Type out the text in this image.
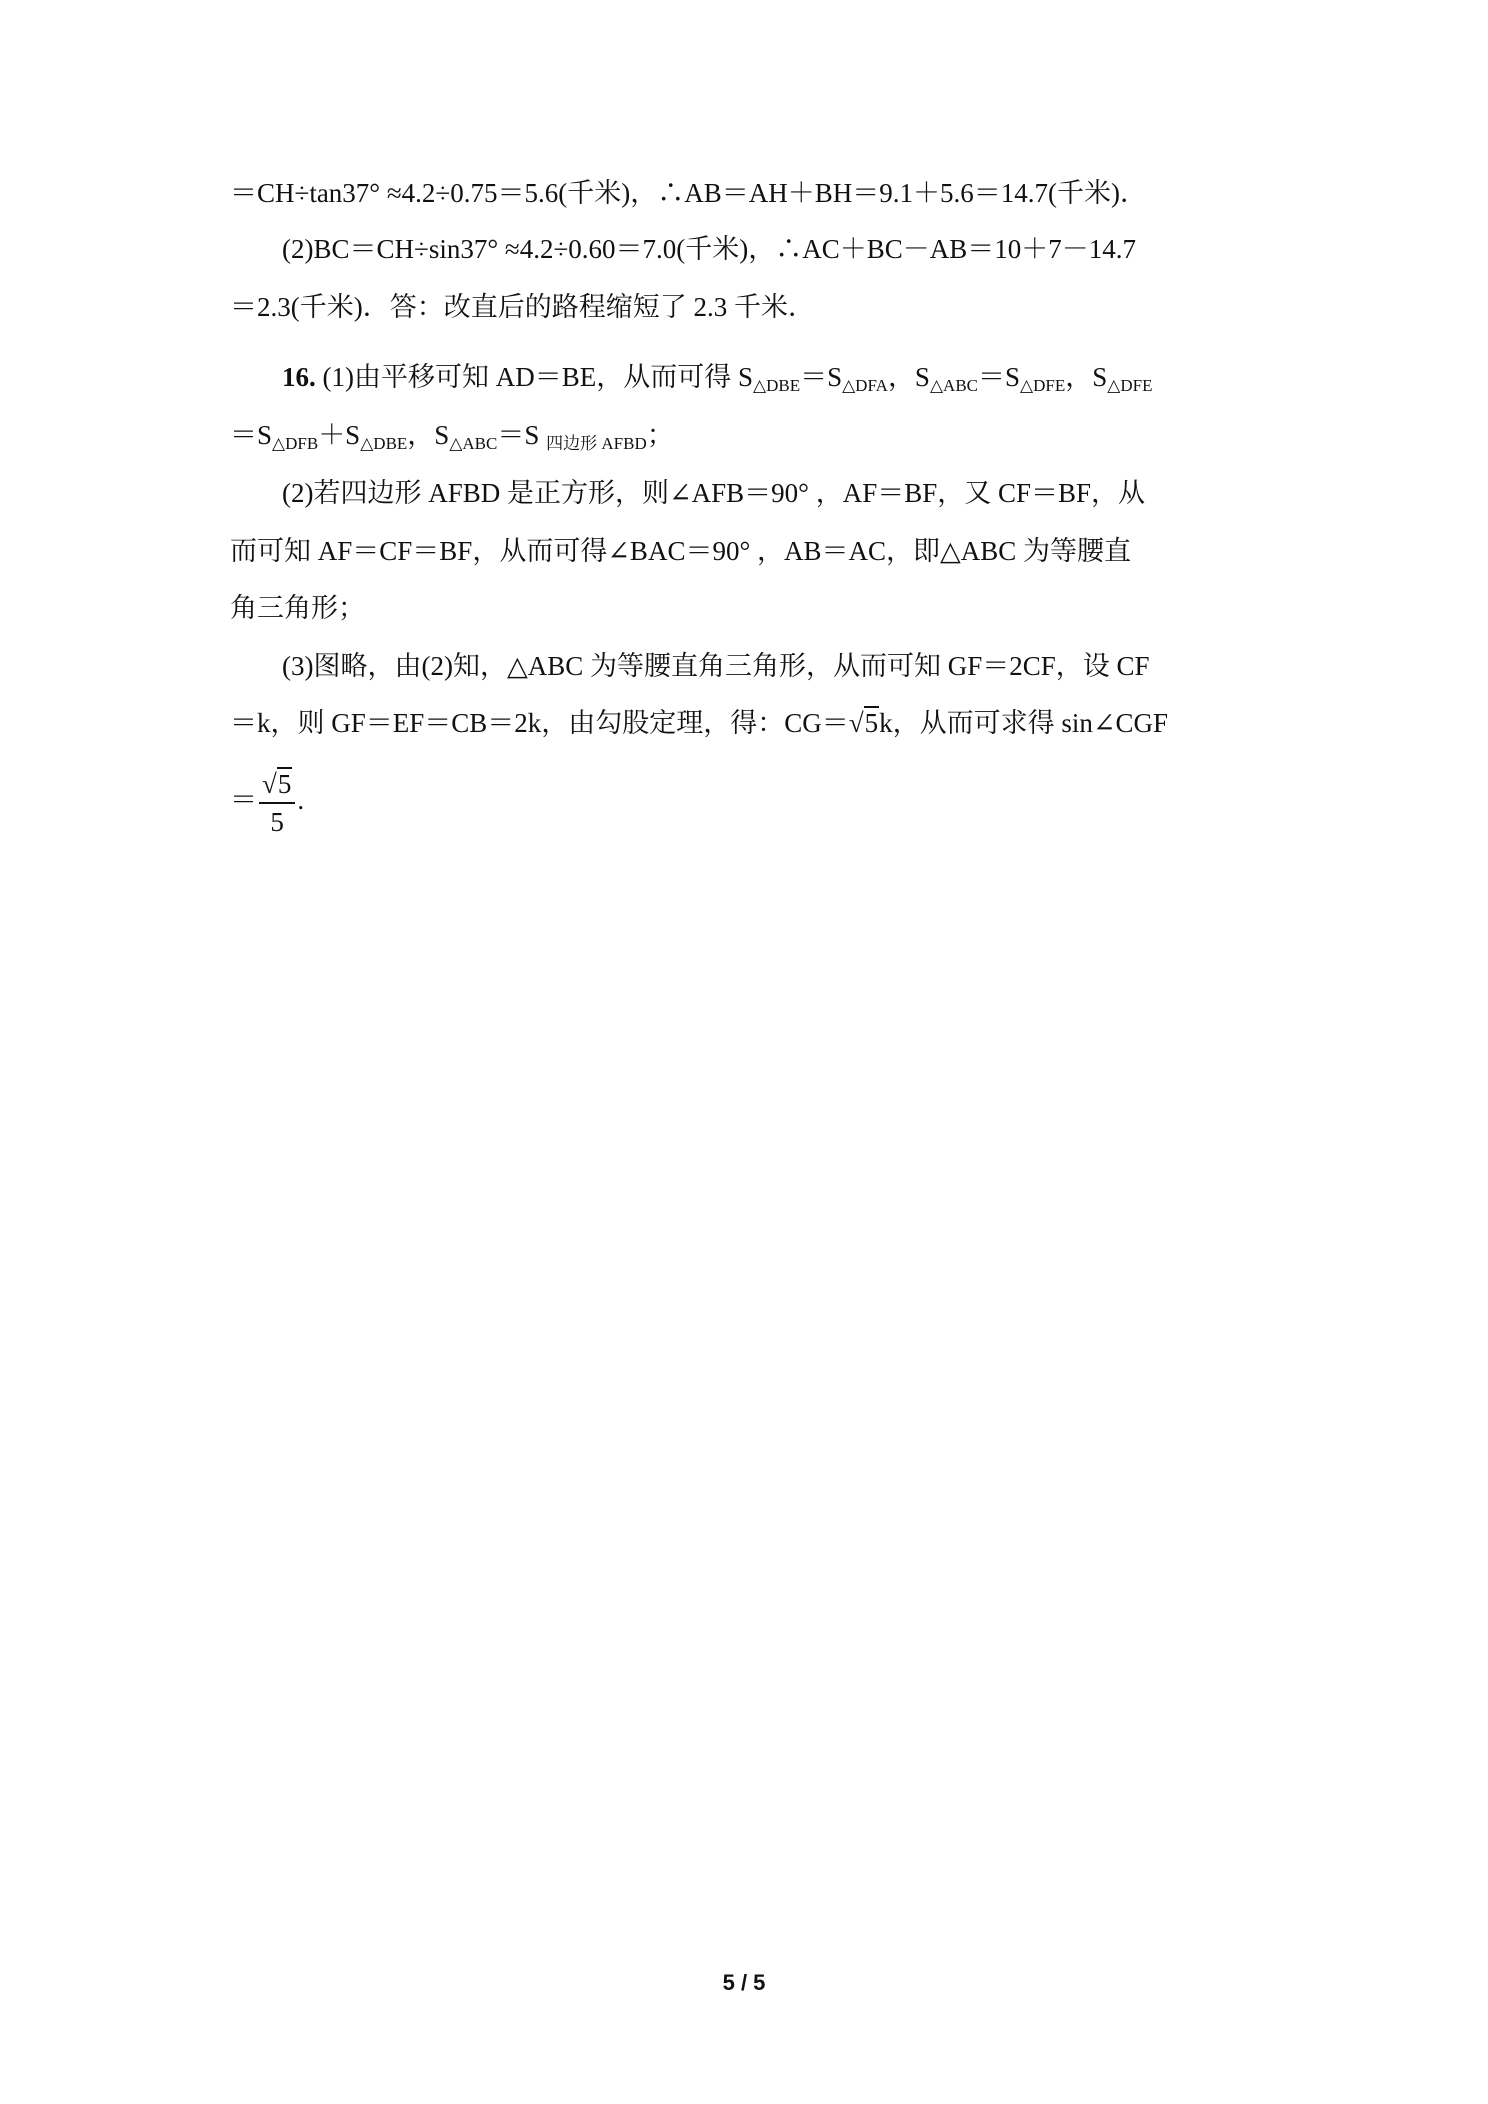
＝CH÷tan37° ≈4.2÷0.75＝5.6(千米)，∴AB＝AH＋BH＝9.1＋5.6＝14.7(千米)．
(2)BC＝CH÷sin37° ≈4.2÷0.60＝7.0(千米)，∴AC＋BC－AB＝10＋7－14.7
＝2.3(千米)．答：改直后的路程缩短了 2.3 千米．
16. (1)由平移可知 AD＝BE，从而可得 $S_{\triangle DBE}=S_{\triangle DFA}$，$S_{\triangle ABC}=S_{\triangle DFE}$，$S_{\triangle DFE}$
$=S_{\triangle DFB}+S_{\triangle DBE}$，$S_{\triangle ABC}=S$ $_{四边形 AFBD}$；
(2)若四边形 AFBD 是正方形，则∠AFB＝90° ，AF＝BF，又 CF＝BF，从
而可知 AF＝CF＝BF，从而可得∠BAC＝90° ，AB＝AC，即△ABC 为等腰直
角三角形；
(3)图略，由(2)知，△ABC 为等腰直角三角形，从而可知 GF＝2CF，设 CF
＝k，则 GF＝EF＝CB＝2k，由勾股定理，得：CG＝√5k，从而可求得 sin∠CGF
＝ $\frac{√5}{5}$ .
5 / 5
